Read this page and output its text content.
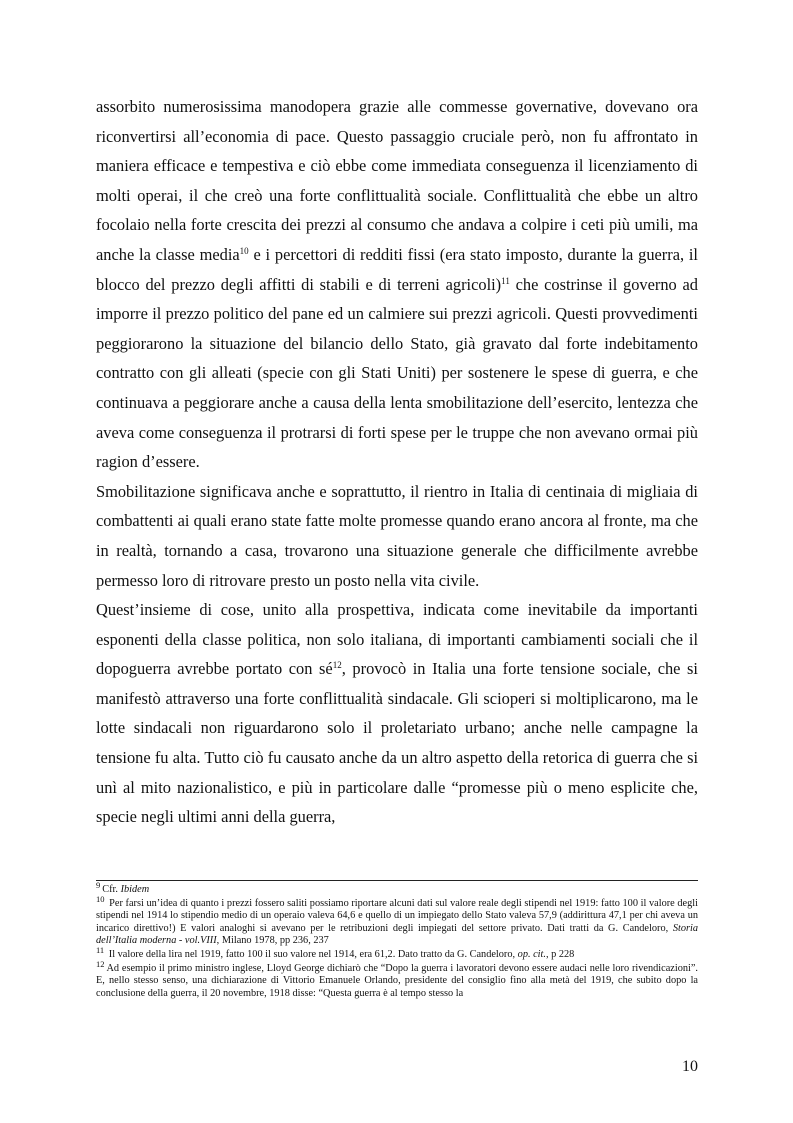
assorbito numerosissima manodopera grazie alle commesse governative, dovevano ora riconvertirsi all’economia di pace. Questo passaggio cruciale però, non fu affrontato in maniera efficace e tempestiva e ciò ebbe come immediata conseguenza il licenziamento di molti operai, il che creò una forte conflittualità sociale. Conflittualità che ebbe un altro focolaio nella forte crescita dei prezzi al consumo che andava a colpire i ceti più umili, ma anche la classe media$^{10}$ e i percettori di redditi fissi (era stato imposto, durante la guerra, il blocco del prezzo degli affitti di stabili e di terreni agricoli)$^{11}$ che costrinse il governo ad imporre il prezzo politico del pane ed un calmiere sui prezzi agricoli. Questi provvedimenti peggiorarono la situazione del bilancio dello Stato, già gravato dal forte indebitamento contratto con gli alleati (specie con gli Stati Uniti) per sostenere le spese di guerra, e che continuava a peggiorare anche a causa della lenta smobilitazione dell’esercito, lentezza che aveva come conseguenza il protrarsi di forti spese per le truppe che non avevano ormai più ragion d’essere.

Smobilitazione significava anche e soprattutto, il rientro in Italia di centinaia di migliaia di combattenti ai quali erano state fatte molte promesse quando erano ancora al fronte, ma che in realtà, tornando a casa, trovarono una situazione generale che difficilmente avrebbe permesso loro di ritrovare presto un posto nella vita civile.

Quest’insieme di cose, unito alla prospettiva, indicata come inevitabile da importanti esponenti della classe politica, non solo italiana, di importanti cambiamenti sociali che il dopoguerra avrebbe portato con sé$^{12}$, provocò in Italia una forte tensione sociale, che si manifestò attraverso una forte conflittualità sindacale. Gli scioperi si moltiplicarono, ma le lotte sindacali non riguardarono solo il proletariato urbano; anche nelle campagne la tensione fu alta. Tutto ciò fu causato anche da un altro aspetto della retorica di guerra che si unì al mito nazionalistico, e più in particolare dalle “promesse più o meno esplicite che, specie negli ultimi anni della guerra,

$^9$ Cfr. Ibidem

$^{10}$ Per farsi un’idea di quanto i prezzi fossero saliti possiamo riportare alcuni dati sul valore reale degli stipendi nel 1919: fatto 100 il valore degli stipendi nel 1914 lo stipendio medio di un operaio valeva 64,6 e quello di un impiegato dello Stato valeva 57,9 (addirittura 47,1 per chi aveva un incarico direttivo!) E valori analoghi si avevano per le retribuzioni degli impiegati del settore privato. Dati tratti da G. Candeloro, Storia dell’Italia moderna - vol.VIII, Milano 1978, pp 236, 237

$^{11}$ Il valore della lira nel 1919, fatto 100 il suo valore nel 1914, era 61,2. Dato tratto da G. Candeloro, op. cit., p 228

$^{12}$ Ad esempio il primo ministro inglese, Lloyd George dichiarò che “Dopo la guerra i lavoratori devono essere audaci nelle loro rivendicazioni”. E, nello stesso senso, una dichiarazione di Vittorio Emanuele Orlando, presidente del consiglio fino alla metà del 1919, che subito dopo la conclusione della guerra, il 20 novembre, 1918 disse: “Questa guerra è al tempo stesso la

10
